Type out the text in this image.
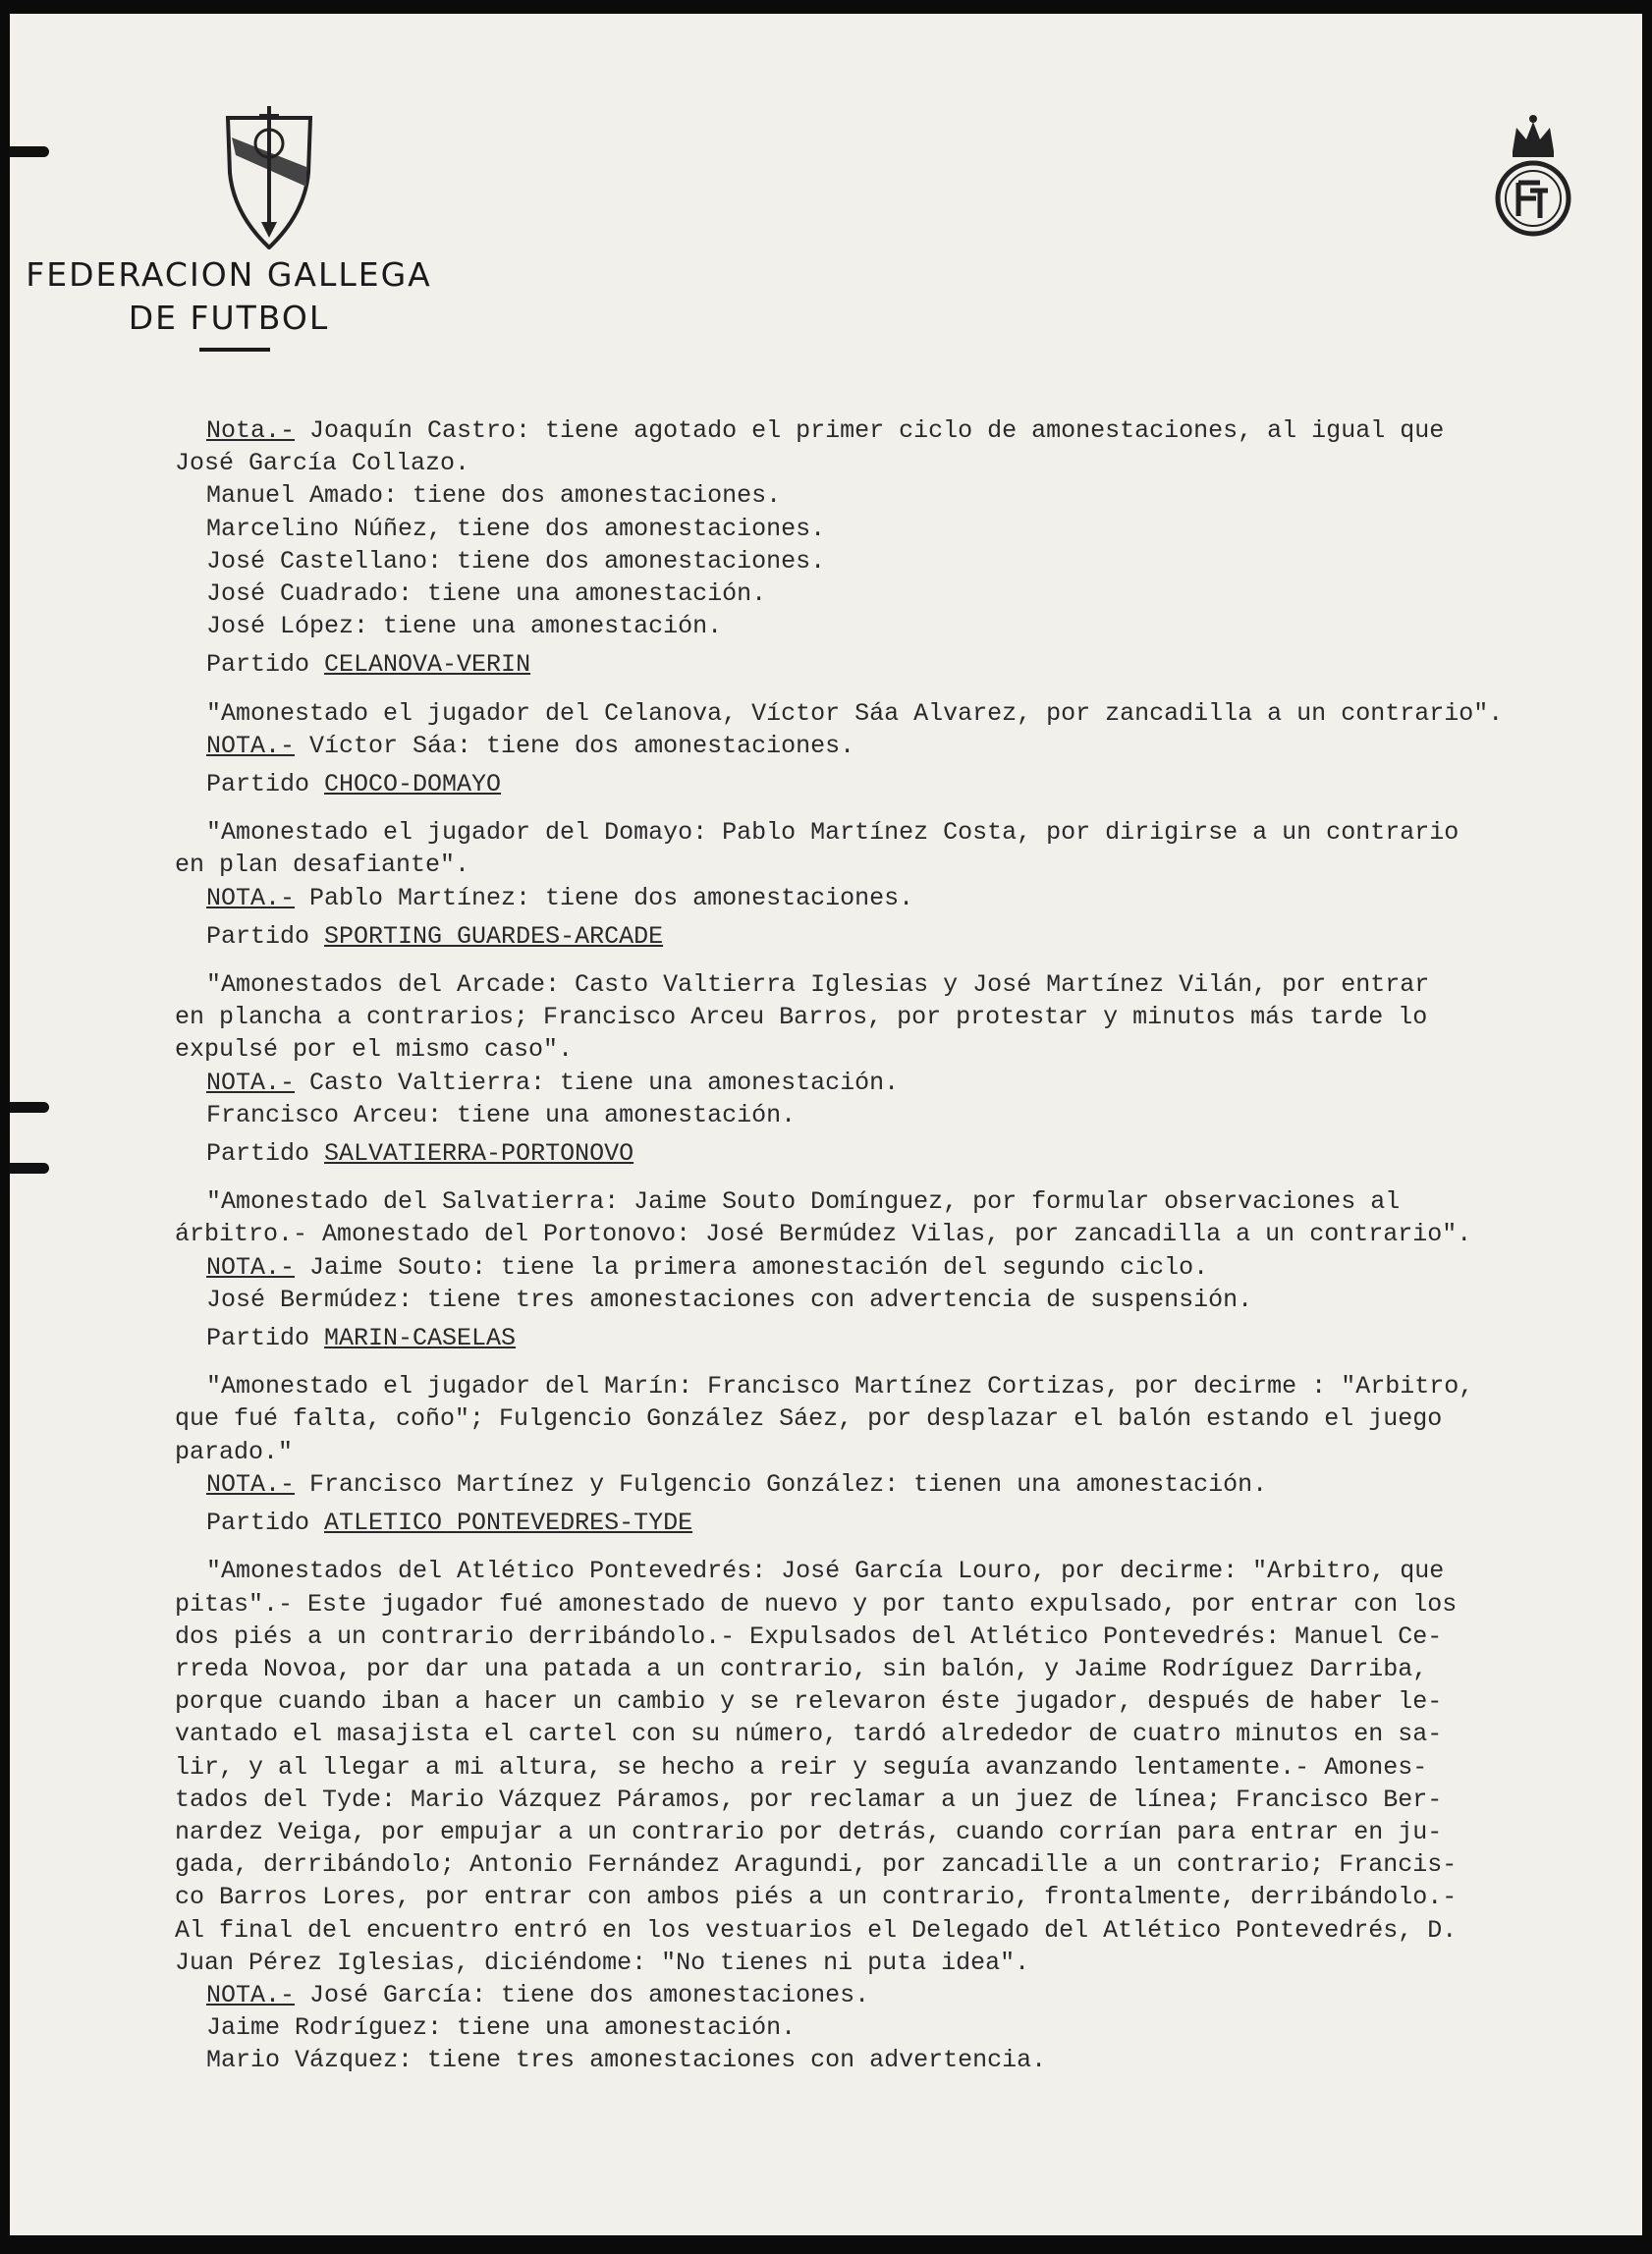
FEDERACION GALLEGA
DE FUTBOL
Nota.- Joaquín Castro: tiene agotado el primer ciclo de amonestaciones, al igual que
José García Collazo.
Manuel Amado: tiene dos amonestaciones.
Marcelino Núñez, tiene dos amonestaciones.
José Castellano: tiene dos amonestaciones.
José Cuadrado: tiene una amonestación.
José López: tiene una amonestación.
Partido CELANOVA-VERIN
"Amonestado el jugador del Celanova, Víctor Sáa Alvarez, por zancadilla a un contrario".
NOTA.- Víctor Sáa: tiene dos amonestaciones.
Partido CHOCO-DOMAYO
"Amonestado el jugador del Domayo: Pablo Martínez Costa, por dirigirse a un contrario
en plan desafiante".
NOTA.- Pablo Martínez: tiene dos amonestaciones.
Partido SPORTING GUARDES-ARCADE
"Amonestados del Arcade: Casto Valtierra Iglesias y José Martínez Vilán, por entrar
en plancha a contrarios; Francisco Arceu Barros, por protestar y minutos más tarde lo
expulsé por el mismo caso".
NOTA.- Casto Valtierra: tiene una amonestación.
Francisco Arceu: tiene una amonestación.
Partido SALVATIERRA-PORTONOVO
"Amonestado del Salvatierra: Jaime Souto Domínguez, por formular observaciones al
árbitro.- Amonestado del Portonovo: José Bermúdez Vilas, por zancadilla a un contrario".
NOTA.- Jaime Souto: tiene la primera amonestación del segundo ciclo.
José Bermúdez: tiene tres amonestaciones con advertencia de suspensión.
Partido MARIN-CASELAS
"Amonestado el jugador del Marín: Francisco Martínez Cortizas, por decirme : "Arbitro,
que fué falta, coño"; Fulgencio González Sáez, por desplazar el balón estando el juego
parado."
NOTA.- Francisco Martínez y Fulgencio González: tienen una amonestación.
Partido ATLETICO PONTEVEDRES-TYDE
"Amonestados del Atlético Pontevedrés: José García Louro, por decirme: "Arbitro, que
pitas".- Este jugador fué amonestado de nuevo y por tanto expulsado, por entrar con los
dos piés a un contrario derribándolo.- Expulsados del Atlético Pontevedrés: Manuel Ce-
rreda Novoa, por dar una patada a un contrario, sin balón, y Jaime Rodríguez Darriba,
porque cuando iban a hacer un cambio y se relevaron éste jugador, después de haber le-
vantado el masajista el cartel con su número, tardó alrededor de cuatro minutos en sa-
lir, y al llegar a mi altura, se hecho a reir y seguía avanzando lentamente.- Amones-
tados del Tyde: Mario Vázquez Páramos, por reclamar a un juez de línea; Francisco Ber-
nardez Veiga, por empujar a un contrario por detrás, cuando corrían para entrar en ju-
gada, derribándolo; Antonio Fernández Aragundi, por zancadille a un contrario; Francis-
co Barros Lores, por entrar con ambos piés a un contrario, frontalmente, derribándolo.-
Al final del encuentro entró en los vestuarios el Delegado del Atlético Pontevedrés, D.
Juan Pérez Iglesias, diciéndome: "No tienes ni puta idea".
NOTA.- José García: tiene dos amonestaciones.
Jaime Rodríguez: tiene una amonestación.
Mario Vázquez: tiene tres amonestaciones con advertencia.
